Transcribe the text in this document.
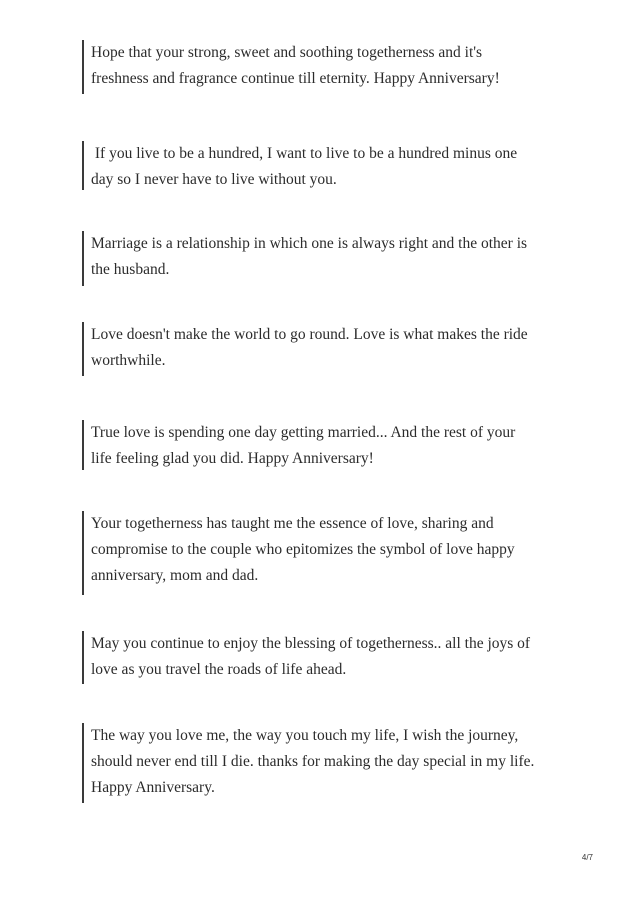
Hope that your strong, sweet and soothing togetherness and it's
freshness and fragrance continue till eternity. Happy Anniversary!

If you live to be a hundred, I want to live to be a hundred minus one
day so I never have to live without you.

Marriage is a relationship in which one is always right and the other is
the husband.

Love doesn't make the world to go round. Love is what makes the ride
worthwhile.

True love is spending one day getting married... And the rest of your
life feeling glad you did. Happy Anniversary!

Your togetherness has taught me the essence of love, sharing and
compromise to the couple who epitomizes the symbol of love happy
anniversary, mom and dad.

May you continue to enjoy the blessing of togetherness.. all the joys of
love as you travel the roads of life ahead.

The way you love me, the way you touch my life, I wish the journey,
should never end till I die. thanks for making the day special in my life.
Happy Anniversary.

4/7
